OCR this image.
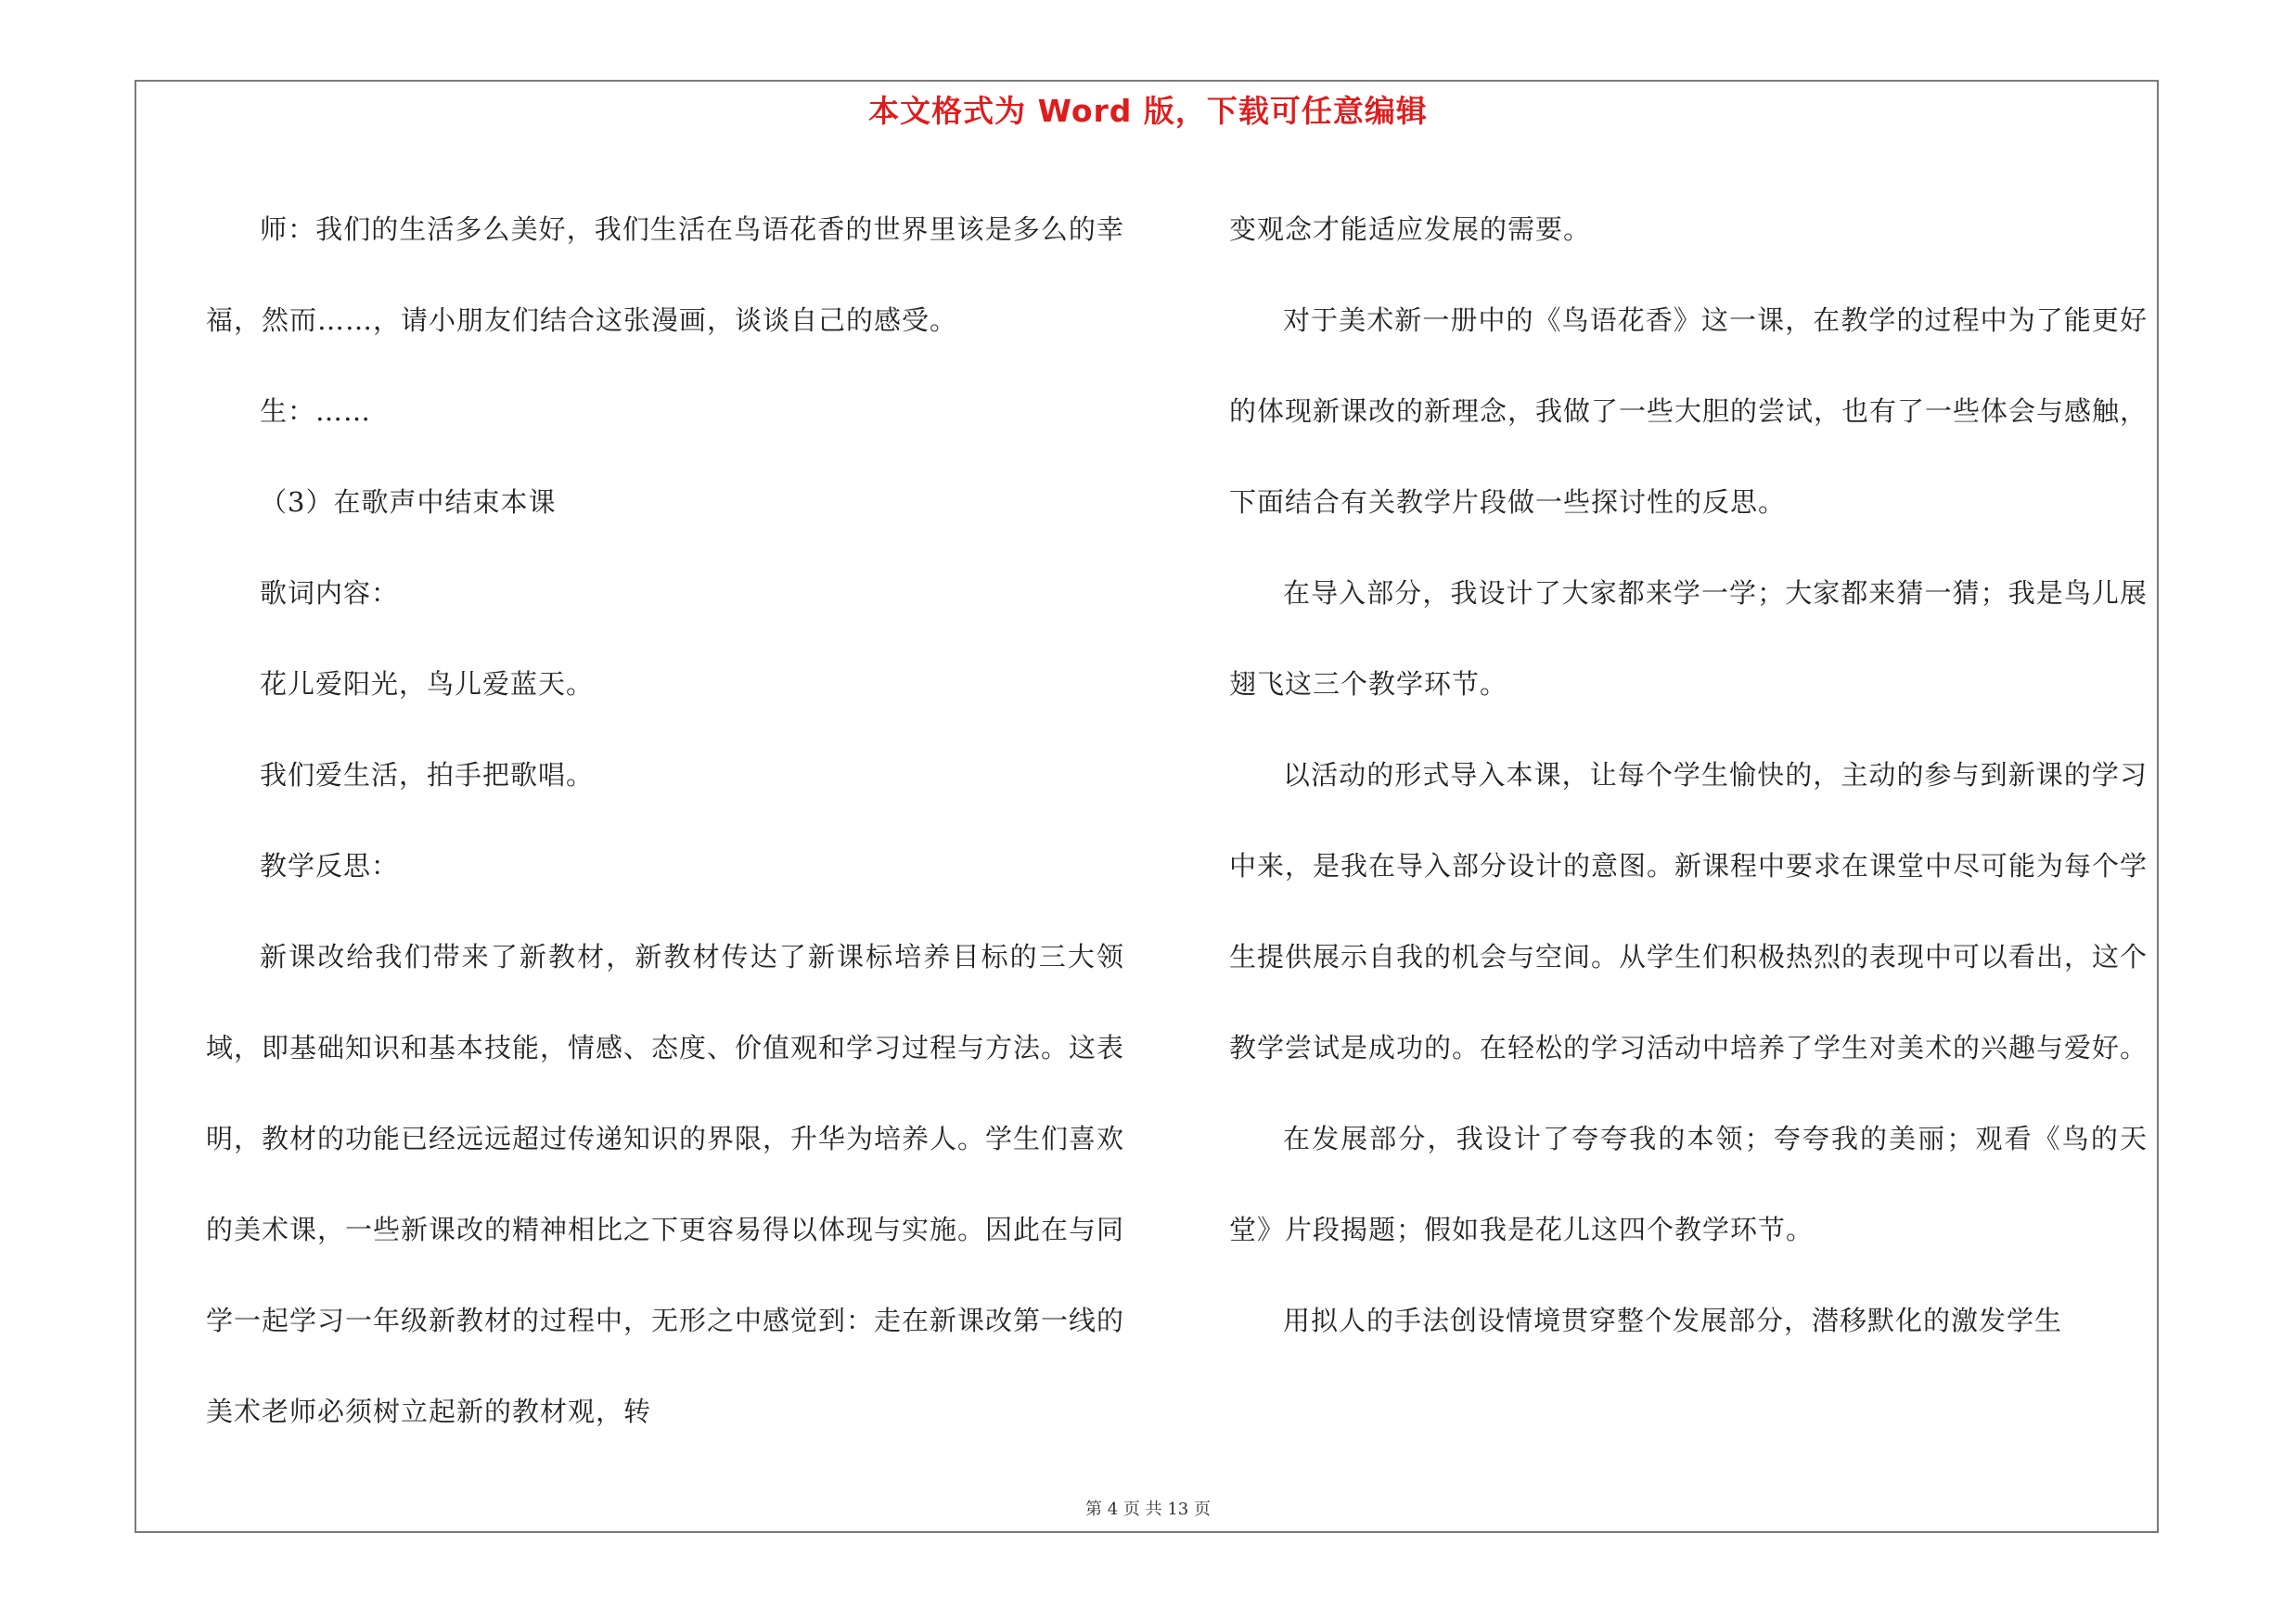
本文格式为 Word 版，下载可任意编辑

师：我们的生活多么美好，我们生活在鸟语花香的世界里该是多么的幸福，然而……，请小朋友们结合这张漫画，谈谈自己的感受。

生：……

（3）在歌声中结束本课

歌词内容：

花儿爱阳光，鸟儿爱蓝天。

我们爱生活，拍手把歌唱。

教学反思：

新课改给我们带来了新教材，新教材传达了新课标培养目标的三大领域，即基础知识和基本技能，情感、态度、价值观和学习过程与方法。这表明，教材的功能已经远远超过传递知识的界限，升华为培养人。学生们喜欢的美术课，一些新课改的精神相比之下更容易得以体现与实施。因此在与同学一起学习一年级新教材的过程中，无形之中感觉到：走在新课改第一线的美术老师必须树立起新的教材观，转

变观念才能适应发展的需要。

对于美术新一册中的《鸟语花香》这一课，在教学的过程中为了能更好的体现新课改的新理念，我做了一些大胆的尝试，也有了一些体会与感触，下面结合有关教学片段做一些探讨性的反思。

在导入部分，我设计了大家都来学一学；大家都来猜一猜；我是鸟儿展翅飞这三个教学环节。

以活动的形式导入本课，让每个学生愉快的，主动的参与到新课的学习中来，是我在导入部分设计的意图。新课程中要求在课堂中尽可能为每个学生提供展示自我的机会与空间。从学生们积极热烈的表现中可以看出，这个教学尝试是成功的。在轻松的学习活动中培养了学生对美术的兴趣与爱好。

在发展部分，我设计了夸夸我的本领；夸夸我的美丽；观看《鸟的天堂》片段揭题；假如我是花儿这四个教学环节。

用拟人的手法创设情境贯穿整个发展部分，潜移默化的激发学生

第 4 页 共 13 页
